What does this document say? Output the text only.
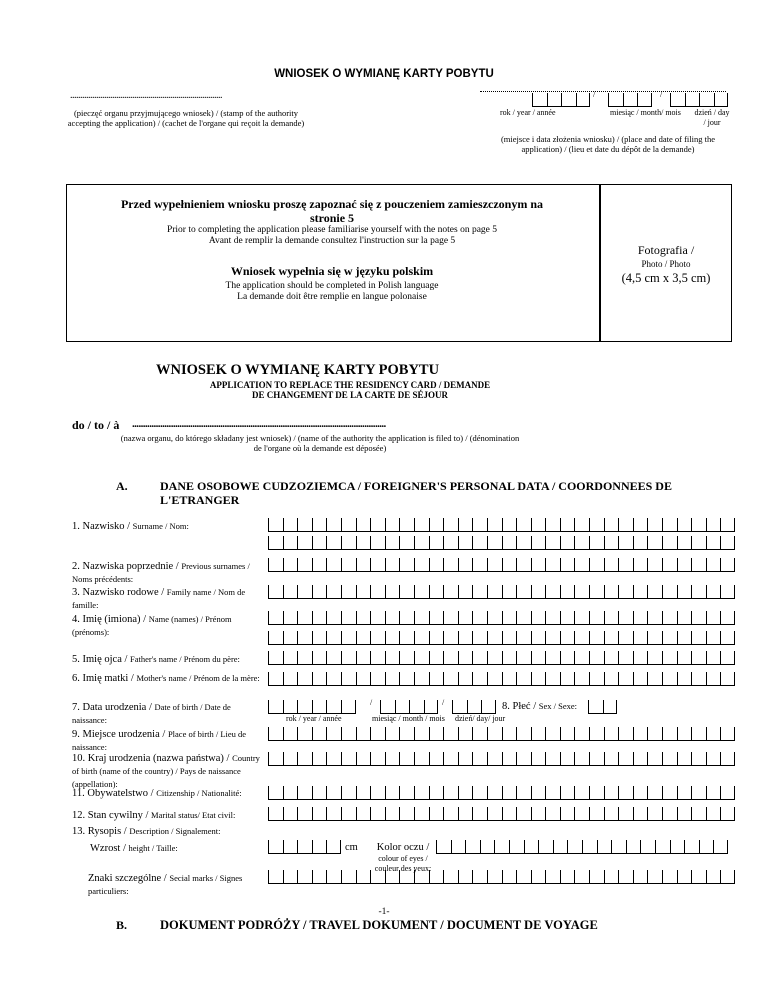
WNIOSEK O WYMIANĘ KARTY POBYTU
............................................................................
(pieczęć organu przyjmującego wniosek) / (stamp of the authority accepting the application) / (cachet de l'organe qui reçoit la demande)
/	/
rok / year / année	miesiąc / month/ mois dzień / day / jour
(miejsce i data złożenia wniosku) / (place and date of filing the application) / (lieu et date du dépôt de la demande)
Przed wypełnieniem wniosku proszę zapoznać się z pouczeniem zamieszczonym na stronie 5
Prior to completing the application please familiarise yourself with the notes on page 5
Avant de remplir la demande consultez l'instruction sur la page 5
Wniosek wypełnia się w języku polskim
The application should be completed in Polish language
La demande doit être remplie en langue polonaise
Fotografia /
Photo / Photo
(4,5 cm x 3,5 cm)
WNIOSEK O WYMIANĘ KARTY POBYTU
APPLICATION TO REPLACE THE RESIDENCY CARD / DEMANDE
DE CHANGEMENT DE LA CARTE DE SÉJOUR
do / to / à ......................................................................................................................
(nazwa organu, do którego składany jest wniosek) / (name of the authority the application is filed to) / (dénomination de l'organe où la demande est déposée)
A.	DANE OSOBOWE CUDZOZIEMCA / FOREIGNER'S PERSONAL DATA / COORDONNEES DE L'ETRANGER
1. Nazwisko / Surname / Nom:
2. Nazwiska poprzednie / Previous surnames / Noms précédents:
3. Nazwisko rodowe / Family name / Nom de famille:
4. Imię (imiona) / Name (names) / Prénom (prénoms):
5. Imię ojca / Father's name / Prénom du père:
6. Imię matki / Mother's name / Prénom de la mère:
7. Data urodzenia / Date of birth / Date de naissance:
/	/
rok / year / année	miesiąc / month / mois dzień/ day/ jour
8. Płeć / Sex / Sexe:
9. Miejsce urodzenia / Place of birth / Lieu de naissance:
10. Kraj urodzenia (nazwa państwa) / Country of birth (name of the country) / Pays de naissance (appellation):
11. Obywatelstwo / Citizenship / Nationalité:
12. Stan cywilny / Marital status/ Etat civil:
13. Rysopis / Description / Signalement:
Wzrost / height / Taille:	cm	Kolor oczu /
colour of eyes / couleur des yeux:
Znaki szczególne / Secial marks / Signes particuliers:
-1-
B.	DOKUMENT PODRÓŻY / TRAVEL DOKUMENT / DOCUMENT DE VOYAGE
